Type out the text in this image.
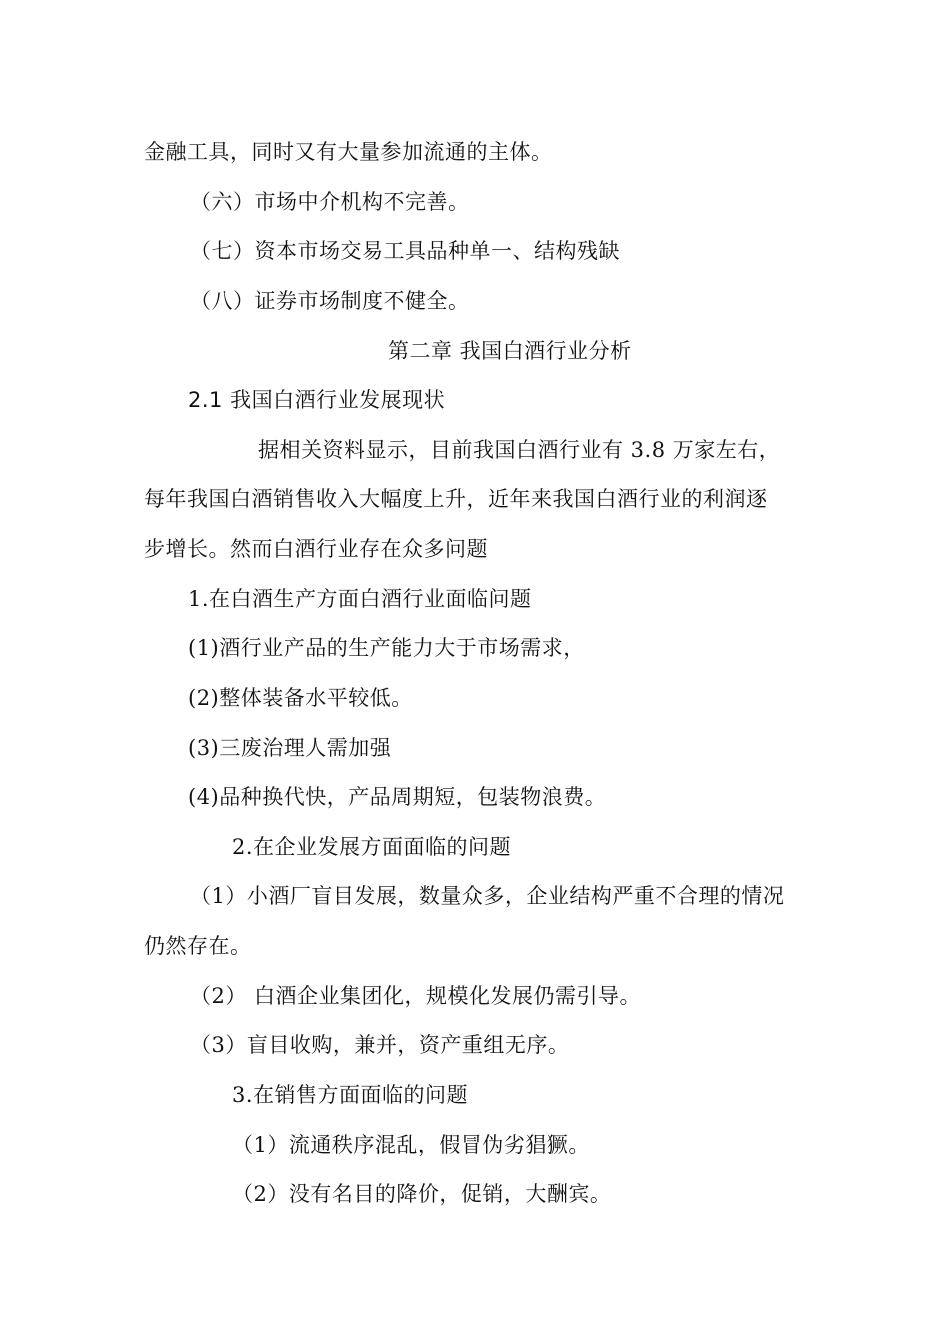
金融工具，同时又有大量参加流通的主体。
（六）市场中介机构不完善。
（七）资本市场交易工具品种单一、结构残缺
（八）证券市场制度不健全。
第二章 我国白酒行业分析
2.1 我国白酒行业发展现状
据相关资料显示，目前我国白酒行业有 3.8 万家左右，
每年我国白酒销售收入大幅度上升，近年来我国白酒行业的利润逐
步增长。然而白酒行业存在众多问题
1.在白酒生产方面白酒行业面临问题
(1)酒行业产品的生产能力大于市场需求，
(2)整体装备水平较低。
(3)三废治理人需加强
(4)品种换代快，产品周期短，包装物浪费。
2.在企业发展方面面临的问题
（1）小酒厂盲目发展，数量众多，企业结构严重不合理的情况
仍然存在。
（2） 白酒企业集团化，规模化发展仍需引导。
（3）盲目收购，兼并，资产重组无序。
3.在销售方面面临的问题
（1）流通秩序混乱，假冒伪劣猖獗。
（2）没有名目的降价，促销，大酬宾。
